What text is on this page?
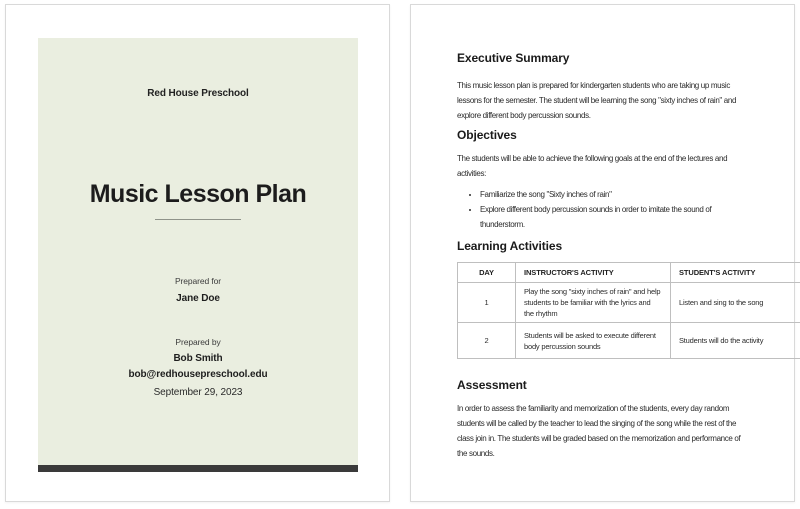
Red House Preschool
Music Lesson Plan
Prepared for
Jane Doe
Prepared by
Bob Smith
bob@redhousepreschool.edu
September 29, 2023
Executive Summary

This music lesson plan is prepared for kindergarten students who are taking up music lessons for the semester. The student will be learning the song "sixty inches of rain" and explore different body percussion sounds.

Objectives

The students will be able to achieve the following goals at the end of the lectures and activities:

• Familiarize the song "Sixty inches of rain"
• Explore different body percussion sounds in order to imitate the sound of thunderstorm.
Learning Activities
DAY	INSTRUCTOR'S ACTIVITY	STUDENT'S ACTIVITY
1	Play the song "sixty inches of rain" and help students to be familiar with the lyrics and the rhythm	Listen and sing to the song
2	Students will be asked to execute different body percussion sounds	Students will do the activity
Assessment

In order to assess the familiarity and memorization of the students, every day random students will be called by the teacher to lead the singing of the song while the rest of the class join in. The students will be graded based on the memorization and performance of the sounds.
